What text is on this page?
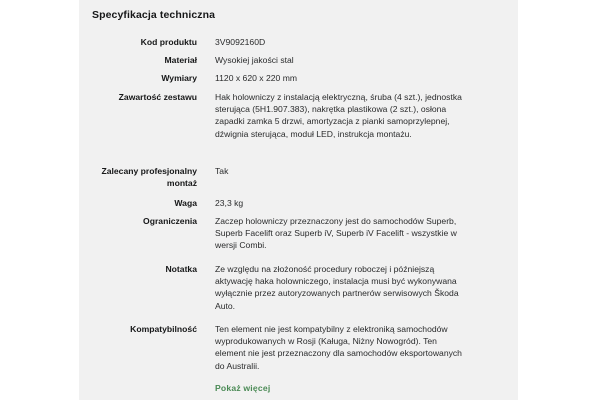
Specyfikacja techniczna
Kod produktu 3V9092160D
Materiał Wysokiej jakości stal
Wymiary 1120 x 620 x 220 mm
Zawartość zestawu Hak holowniczy z instalacją elektryczną, śruba (4 szt.), jednostka sterująca (5H1.907.383), nakrętka plastikowa (2 szt.), osłona zapadki zamka 5 drzwi, amortyzacja z pianki samoprzylepnej, dźwignia sterująca, moduł LED, instrukcja montażu.
Zalecany profesjonalny montaż
Tak
Waga 23,3 kg
Ograniczenia Zaczep holowniczy przeznaczony jest do samochodów Superb, Superb Facelift oraz Superb iV, Superb iV Facelift - wszystkie w wersji Combi.
Notatka Ze względu na złożoność procedury roboczej i późniejszą aktywację haka holowniczego, instalacja musi być wykonywana wyłącznie przez autoryzowanych partnerów serwisowych Škoda Auto.
Kompatybilność Ten element nie jest kompatybilny z elektroniką samochodów wyprodukowanych w Rosji (Kaługa, Niżny Nowogród). Ten element nie jest przeznaczony dla samochodów eksportowanych do Australii.
Pokaż więcej
